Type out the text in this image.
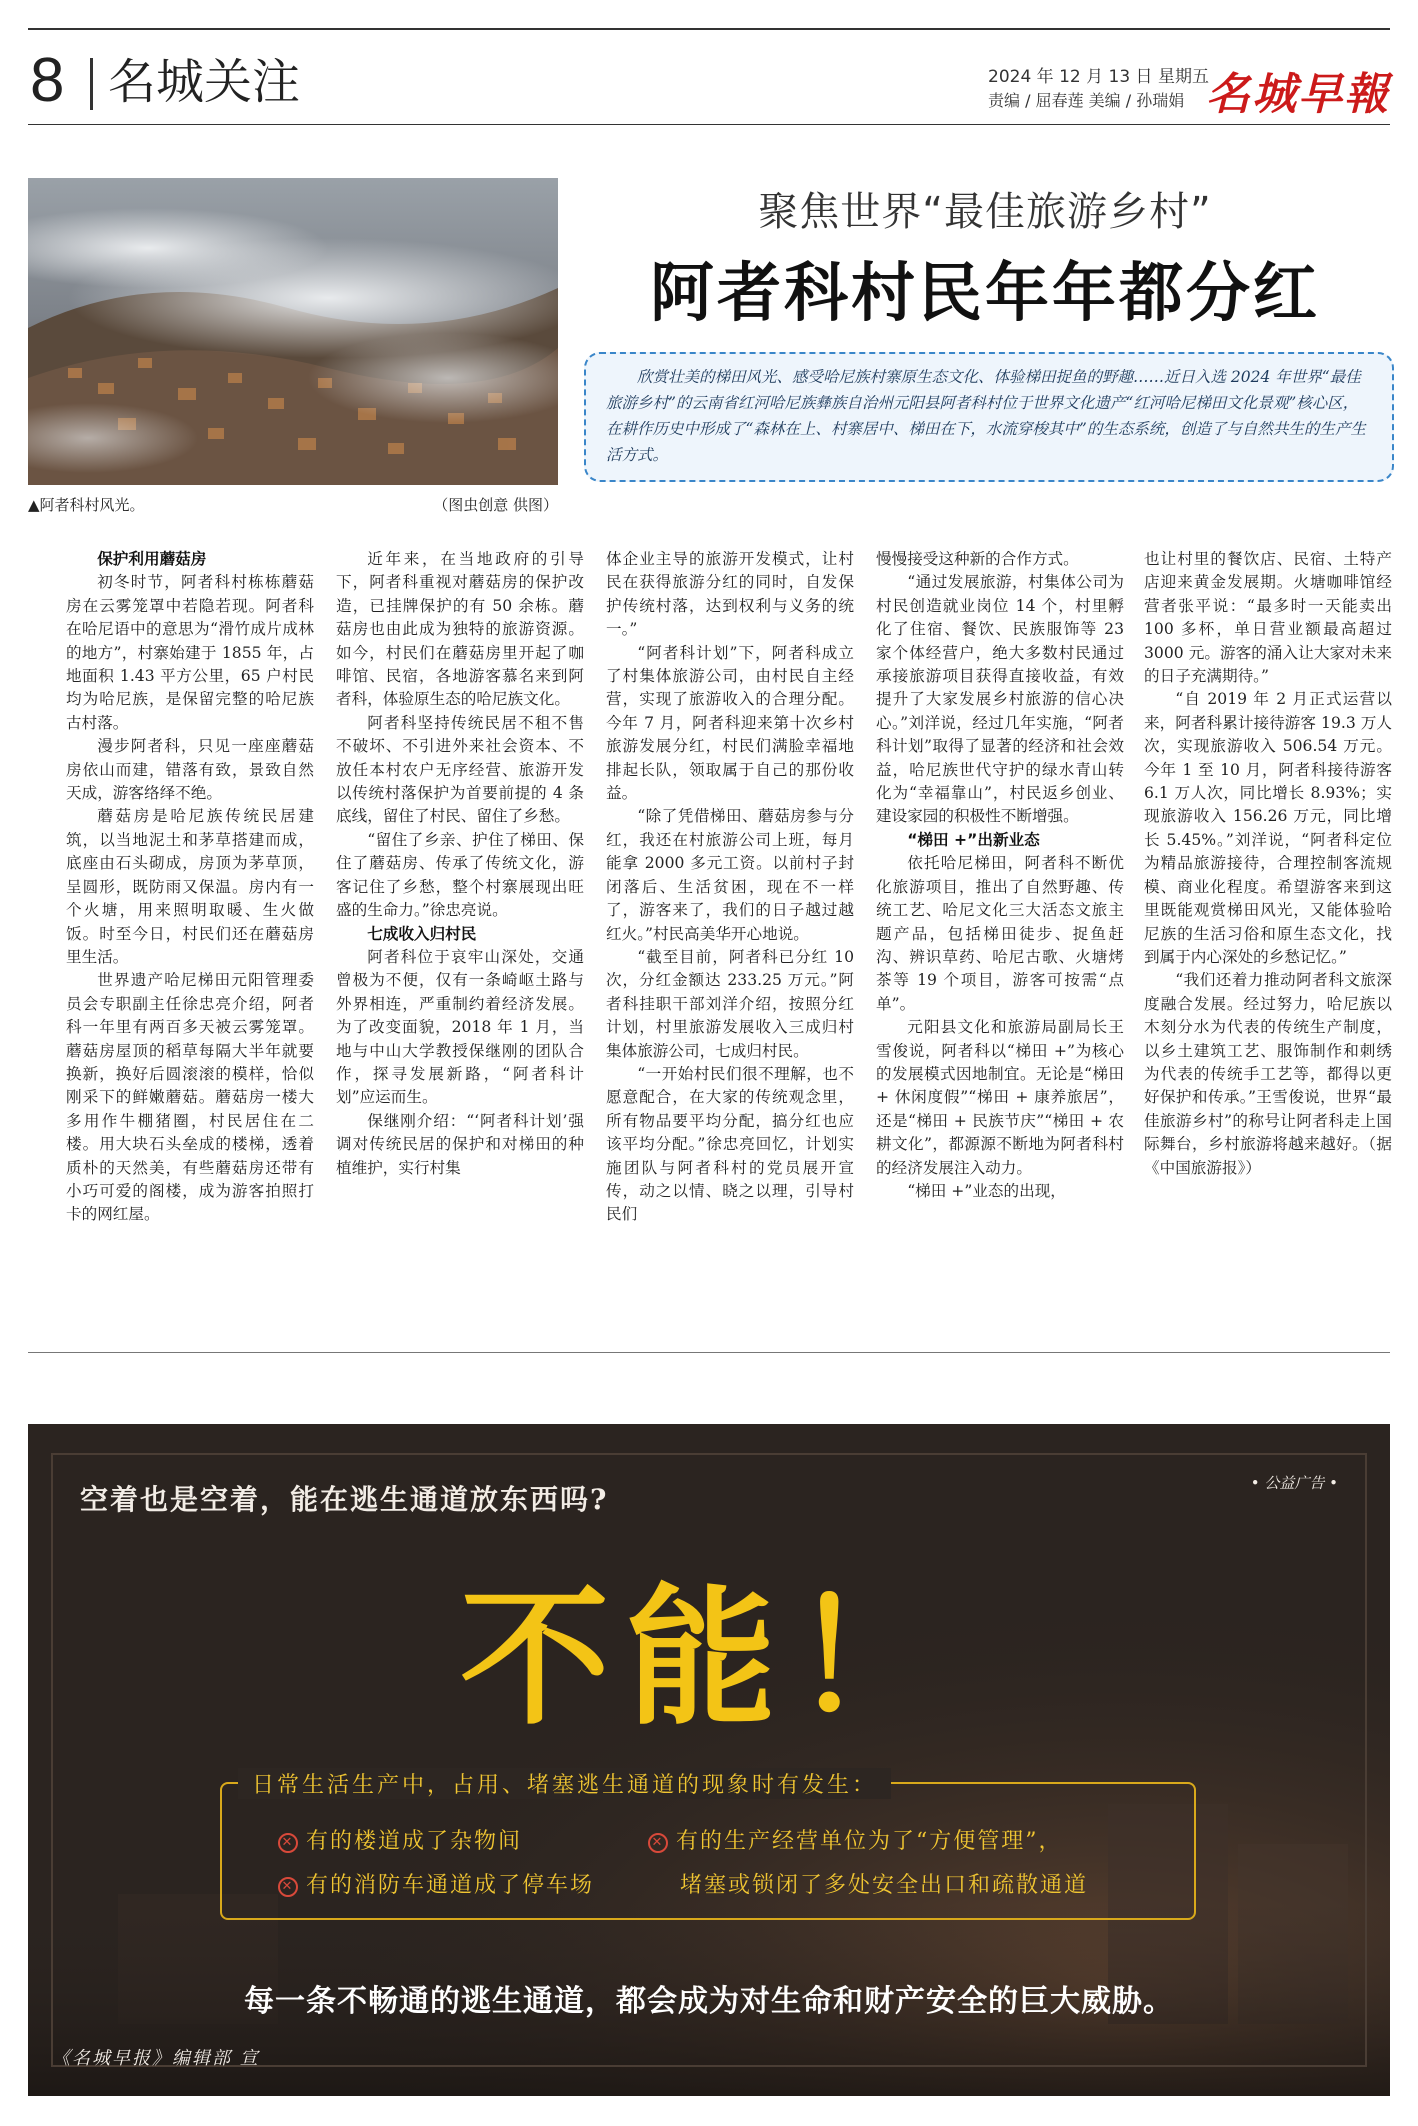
8 名城关注	2024 年 12 月 13 日 星期五
责编 / 屈春莲 美编 / 孙瑞娟 名城早報
▲阿者科村风光。	（图虫创意 供图）
聚焦世界“最佳旅游乡村”
阿者科村民年年都分红

欣赏壮美的梯田风光、感受哈尼族村寨原生态文化、体验梯田捉鱼的野趣……近日入选 2024 年世界“最佳旅游乡村”的云南省红河哈尼族彝族自治州元阳县阿者科村位于世界文化遗产“红河哈尼梯田文化景观”核心区，在耕作历史中形成了“森林在上、村寨居中、梯田在下，水流穿梭其中”的生态系统，创造了与自然共生的生产生活方式。

保护利用蘑菇房

初冬时节，阿者科村栋栋蘑菇房在云雾笼罩中若隐若现。阿者科在哈尼语中的意思为“滑竹成片成林的地方”，村寨始建于 1855 年，占地面积 1.43 平方公里，65 户村民均为哈尼族，是保留完整的哈尼族古村落。

漫步阿者科，只见一座座蘑菇房依山而建，错落有致，景致自然天成，游客络绎不绝。

蘑菇房是哈尼族传统民居建筑，以当地泥土和茅草搭建而成，底座由石头砌成，房顶为茅草顶，呈圆形，既防雨又保温。房内有一个火塘，用来照明取暖、生火做饭。时至今日，村民们还在蘑菇房里生活。

世界遗产哈尼梯田元阳管理委员会专职副主任徐忠亮介绍，阿者科一年里有两百多天被云雾笼罩。蘑菇房屋顶的稻草每隔大半年就要换新，换好后圆滚滚的模样，恰似刚采下的鲜嫩蘑菇。蘑菇房一楼大多用作牛棚猪圈，村民居住在二楼。用大块石头垒成的楼梯，透着质朴的天然美，有些蘑菇房还带有小巧可爱的阁楼，成为游客拍照打卡的网红屋。

近年来，在当地政府的引导下，阿者科重视对蘑菇房的保护改造，已挂牌保护的有 50 余栋。蘑菇房也由此成为独特的旅游资源。如今，村民们在蘑菇房里开起了咖啡馆、民宿，各地游客慕名来到阿者科，体验原生态的哈尼族文化。

阿者科坚持传统民居不租不售不破坏、不引进外来社会资本、不放任本村农户无序经营、旅游开发以传统村落保护为首要前提的 4 条底线，留住了村民、留住了乡愁。

“留住了乡亲、护住了梯田、保住了蘑菇房、传承了传统文化，游客记住了乡愁，整个村寨展现出旺盛的生命力。”徐忠亮说。

七成收入归村民

阿者科位于哀牢山深处，交通曾极为不便，仅有一条崎岖土路与外界相连，严重制约着经济发展。为了改变面貌，2018 年 1 月，当地与中山大学教授保继刚的团队合作，探寻发展新路，“阿者科计划”应运而生。

保继刚介绍：“‘阿者科计划’强调对传统民居的保护和对梯田的种植维护，实行村集

体企业主导的旅游开发模式，让村民在获得旅游分红的同时，自发保护传统村落，达到权利与义务的统一。”

“阿者科计划”下，阿者科成立了村集体旅游公司，由村民自主经营，实现了旅游收入的合理分配。今年 7 月，阿者科迎来第十次乡村旅游发展分红，村民们满脸幸福地排起长队，领取属于自己的那份收益。

“除了凭借梯田、蘑菇房参与分红，我还在村旅游公司上班，每月能拿 2000 多元工资。以前村子封闭落后、生活贫困，现在不一样了，游客来了，我们的日子越过越红火。”村民高美华开心地说。

“截至目前，阿者科已分红 10 次，分红金额达 233.25 万元。”阿者科挂职干部刘洋介绍，按照分红计划，村里旅游发展收入三成归村集体旅游公司，七成归村民。

“一开始村民们很不理解，也不愿意配合，在大家的传统观念里，所有物品要平均分配，搞分红也应该平均分配。”徐忠亮回忆，计划实施团队与阿者科村的党员展开宣传，动之以情、晓之以理，引导村民们

慢慢接受这种新的合作方式。

“通过发展旅游，村集体公司为村民创造就业岗位 14 个，村里孵化了住宿、餐饮、民族服饰等 23 家个体经营户，绝大多数村民通过承接旅游项目获得直接收益，有效提升了大家发展乡村旅游的信心决心。”刘洋说，经过几年实施，“阿者科计划”取得了显著的经济和社会效益，哈尼族世代守护的绿水青山转化为“幸福靠山”，村民返乡创业、建设家园的积极性不断增强。

“梯田 +”出新业态

依托哈尼梯田，阿者科不断优化旅游项目，推出了自然野趣、传统工艺、哈尼文化三大活态文旅主题产品，包括梯田徒步、捉鱼赶沟、辨识草药、哈尼古歌、火塘烤茶等 19 个项目，游客可按需“点单”。

元阳县文化和旅游局副局长王雪俊说，阿者科以“梯田 +”为核心的发展模式因地制宜。无论是“梯田 + 休闲度假”“梯田 + 康养旅居”，还是“梯田 + 民族节庆”“梯田 + 农耕文化”，都源源不断地为阿者科村的经济发展注入动力。

“梯田 +”业态的出现，

也让村里的餐饮店、民宿、土特产店迎来黄金发展期。火塘咖啡馆经营者张平说：“最多时一天能卖出 100 多杯，单日营业额最高超过 3000 元。游客的涌入让大家对未来的日子充满期待。”

“自 2019 年 2 月正式运营以来，阿者科累计接待游客 19.3 万人次，实现旅游收入 506.54 万元。今年 1 至 10 月，阿者科接待游客 6.1 万人次，同比增长 8.93%；实现旅游收入 156.26 万元，同比增长 5.45%。”刘洋说，“阿者科定位为精品旅游接待，合理控制客流规模、商业化程度。希望游客来到这里既能观赏梯田风光，又能体验哈尼族的生活习俗和原生态文化，找到属于内心深处的乡愁记忆。”

“我们还着力推动阿者科文旅深度融合发展。经过努力，哈尼族以木刻分水为代表的传统生产制度，以乡土建筑工艺、服饰制作和刺绣为代表的传统手工艺等，都得以更好保护和传承。”王雪俊说，世界“最佳旅游乡村”的称号让阿者科走上国际舞台，乡村旅游将越来越好。（据《中国旅游报》）

空着也是空着，能在逃生通道放东西吗?	• 公益广告 •
不能！
日常生活生产中，占用、堵塞逃生通道的现象时有发生：
✕ 有的楼道成了杂物间
✕ 有的消防车通道成了停车场
✕ 有的生产经营单位为了“方便管理”，
堵塞或锁闭了多处安全出口和疏散通道
每一条不畅通的逃生通道，都会成为对生命和财产安全的巨大威胁。
《名城早报》编辑部 宣
